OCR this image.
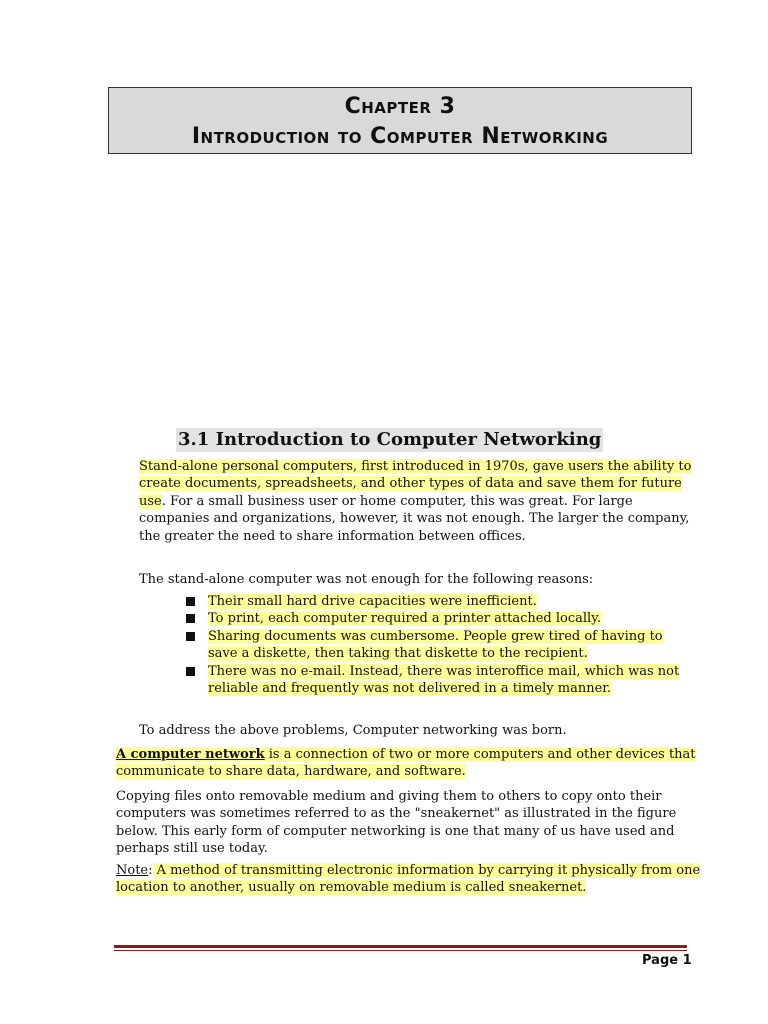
Chapter 3
Introduction to Computer Networking
3.1 Introduction to Computer Networking

Stand-alone personal computers, first introduced in 1970s, gave users the ability to create documents, spreadsheets, and other types of data and save them for future use. For a small business user or home computer, this was great. For large companies and organizations, however, it was not enough. The larger the company, the greater the need to share information between offices.

The stand-alone computer was not enough for the following reasons:

Their small hard drive capacities were inefficient.
To print, each computer required a printer attached locally.
Sharing documents was cumbersome. People grew tired of having to save a diskette, then taking that diskette to the recipient.
There was no e-mail. Instead, there was interoffice mail, which was not reliable and frequently was not delivered in a timely manner.

To address the above problems, Computer networking was born.

A computer network is a connection of two or more computers and other devices that communicate to share data, hardware, and software.

Copying files onto removable medium and giving them to others to copy onto their computers was sometimes referred to as the "sneakernet" as illustrated in the figure below. This early form of computer networking is one that many of us have used and perhaps still use today.

Note: A method of transmitting electronic information by carrying it physically from one location to another, usually on removable medium is called sneakernet.

Page 1
